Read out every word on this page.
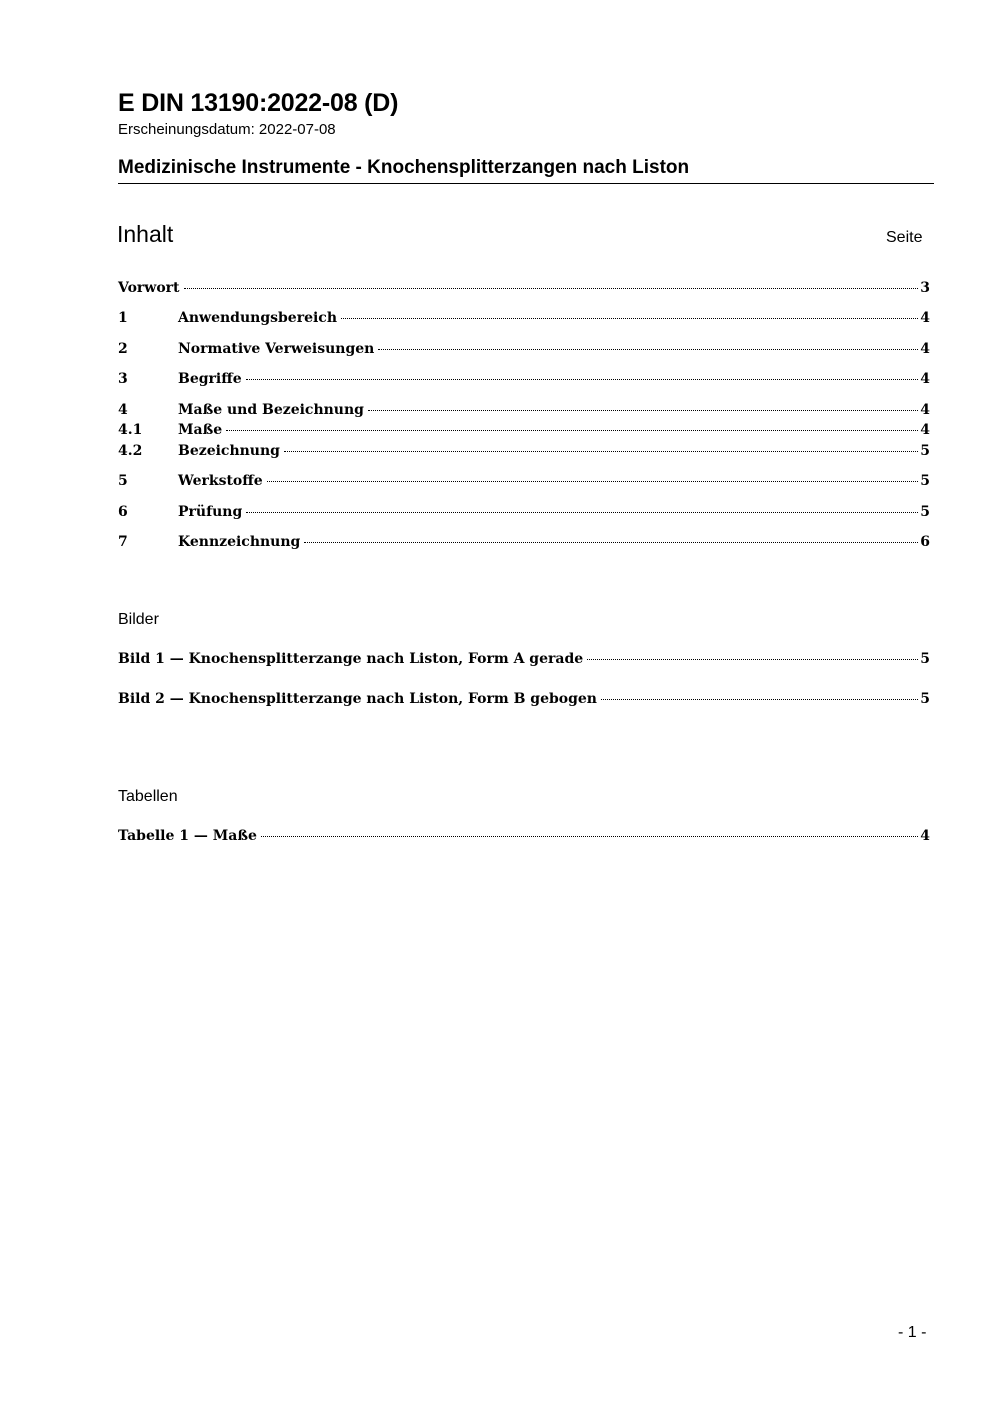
E DIN 13190:2022-08 (D)
Erscheinungsdatum: 2022-07-08
Medizinische Instrumente - Knochensplitterzangen nach Liston
Inhalt	Seite
Vorwort	3
1	Anwendungsbereich	4
2	Normative Verweisungen	4
3	Begriffe	4
4	Maße und Bezeichnung	4
4.1	Maße	4
4.2	Bezeichnung	5
5	Werkstoffe	5
6	Prüfung	5
7	Kennzeichnung	6
Bilder
Bild 1 — Knochensplitterzange nach Liston, Form A gerade	5
Bild 2 — Knochensplitterzange nach Liston, Form B gebogen	5
Tabellen
Tabelle 1 — Maße	4
- 1 -
